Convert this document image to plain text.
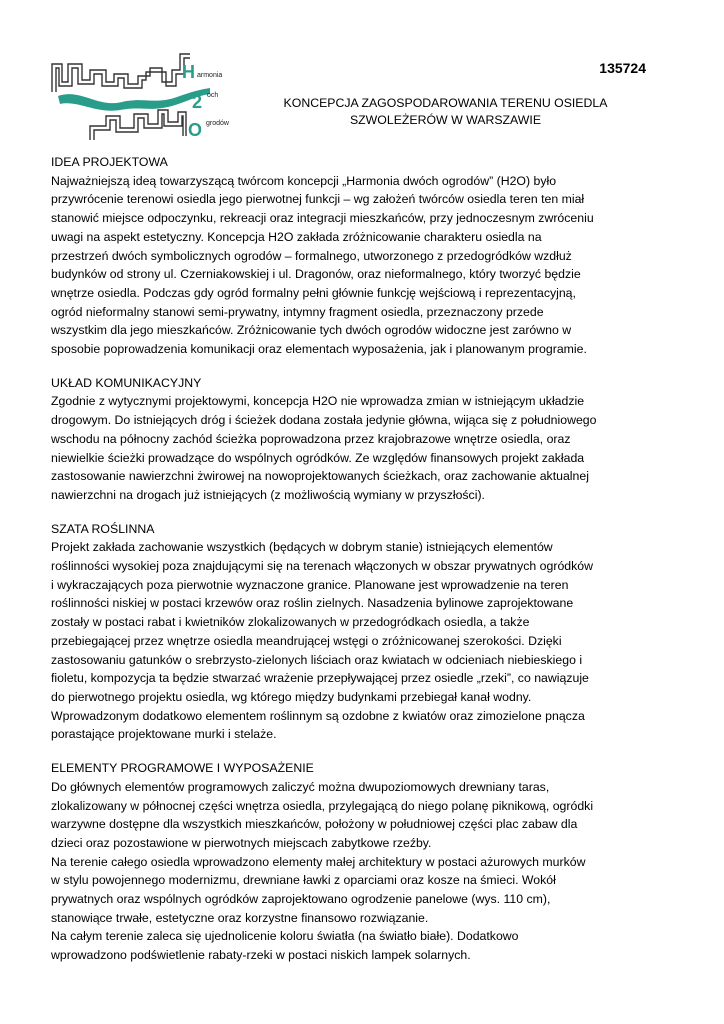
H
2
O
armonia
och
grodów
135724
KONCEPCJA ZAGOSPODAROWANIA TERENU OSIEDLA
SZWOLEŻERÓW W WARSZAWIE
IDEA PROJEKTOWA
Najważniejszą ideą towarzyszącą twórcom koncepcji „Harmonia dwóch ogrodów” (H2O) było
przywrócenie terenowi osiedla jego pierwotnej funkcji – wg założeń twórców osiedla teren ten miał
stanowić miejsce odpoczynku, rekreacji oraz integracji mieszkańców, przy jednoczesnym zwróceniu
uwagi na aspekt estetyczny. Koncepcja H2O zakłada zróżnicowanie charakteru osiedla na
przestrzeń dwóch symbolicznych ogrodów – formalnego, utworzonego z przedogródków wzdłuż
budynków od strony ul. Czerniakowskiej i ul. Dragonów, oraz nieformalnego, który tworzyć będzie
wnętrze osiedla. Podczas gdy ogród formalny pełni głównie funkcję wejściową i reprezentacyjną,
ogród nieformalny stanowi semi-prywatny, intymny fragment osiedla, przeznaczony przede
wszystkim dla jego mieszkańców. Zróżnicowanie tych dwóch ogrodów widoczne jest zarówno w
sposobie poprowadzenia komunikacji oraz elementach wyposażenia, jak i planowanym programie.
UKŁAD KOMUNIKACYJNY
Zgodnie z wytycznymi projektowymi, koncepcja H2O nie wprowadza zmian w istniejącym układzie
drogowym. Do istniejących dróg i ścieżek dodana została jedynie główna, wijąca się z południowego
wschodu na północny zachód ścieżka poprowadzona przez krajobrazowe wnętrze osiedla, oraz
niewielkie ścieżki prowadzące do wspólnych ogródków. Ze względów finansowych projekt zakłada
zastosowanie nawierzchni żwirowej na nowoprojektowanych ścieżkach, oraz zachowanie aktualnej
nawierzchni na drogach już istniejących (z możliwością wymiany w przyszłości).
SZATA ROŚLINNA
Projekt zakłada zachowanie wszystkich (będących w dobrym stanie) istniejących elementów
roślinności wysokiej poza znajdującymi się na terenach włączonych w obszar prywatnych ogródków
i wykraczających poza pierwotnie wyznaczone granice. Planowane jest wprowadzenie na teren
roślinności niskiej w postaci krzewów oraz roślin zielnych. Nasadzenia bylinowe zaprojektowane
zostały w postaci rabat i kwietników zlokalizowanych w przedogródkach osiedla, a także
przebiegającej przez wnętrze osiedla meandrującej wstęgi o zróżnicowanej szerokości. Dzięki
zastosowaniu gatunków o srebrzysto-zielonych liściach oraz kwiatach w odcieniach niebieskiego i
fioletu, kompozycja ta będzie stwarzać wrażenie przepływającej przez osiedle „rzeki”, co nawiązuje
do pierwotnego projektu osiedla, wg którego między budynkami przebiegał kanał wodny.
Wprowadzonym dodatkowo elementem roślinnym są ozdobne z kwiatów oraz zimozielone pnącza
porastające projektowane murki i stelaże.
ELEMENTY PROGRAMOWE I WYPOSAŻENIE
Do głównych elementów programowych zaliczyć można dwupoziomowych drewniany taras,
zlokalizowany w północnej części wnętrza osiedla, przylegającą do niego polanę piknikową, ogródki
warzywne dostępne dla wszystkich mieszkańców, położony w południowej części plac zabaw dla
dzieci oraz pozostawione w pierwotnych miejscach zabytkowe rzeźby.
Na terenie całego osiedla wprowadzono elementy małej architektury w postaci ażurowych murków
w stylu powojennego modernizmu, drewniane ławki z oparciami oraz kosze na śmieci. Wokół
prywatnych oraz wspólnych ogródków zaprojektowano ogrodzenie panelowe (wys. 110 cm),
stanowiące trwałe, estetyczne oraz korzystne finansowo rozwiązanie.
Na całym terenie zaleca się ujednolicenie koloru światła (na światło białe). Dodatkowo
wprowadzono podświetlenie rabaty-rzeki w postaci niskich lampek solarnych.
